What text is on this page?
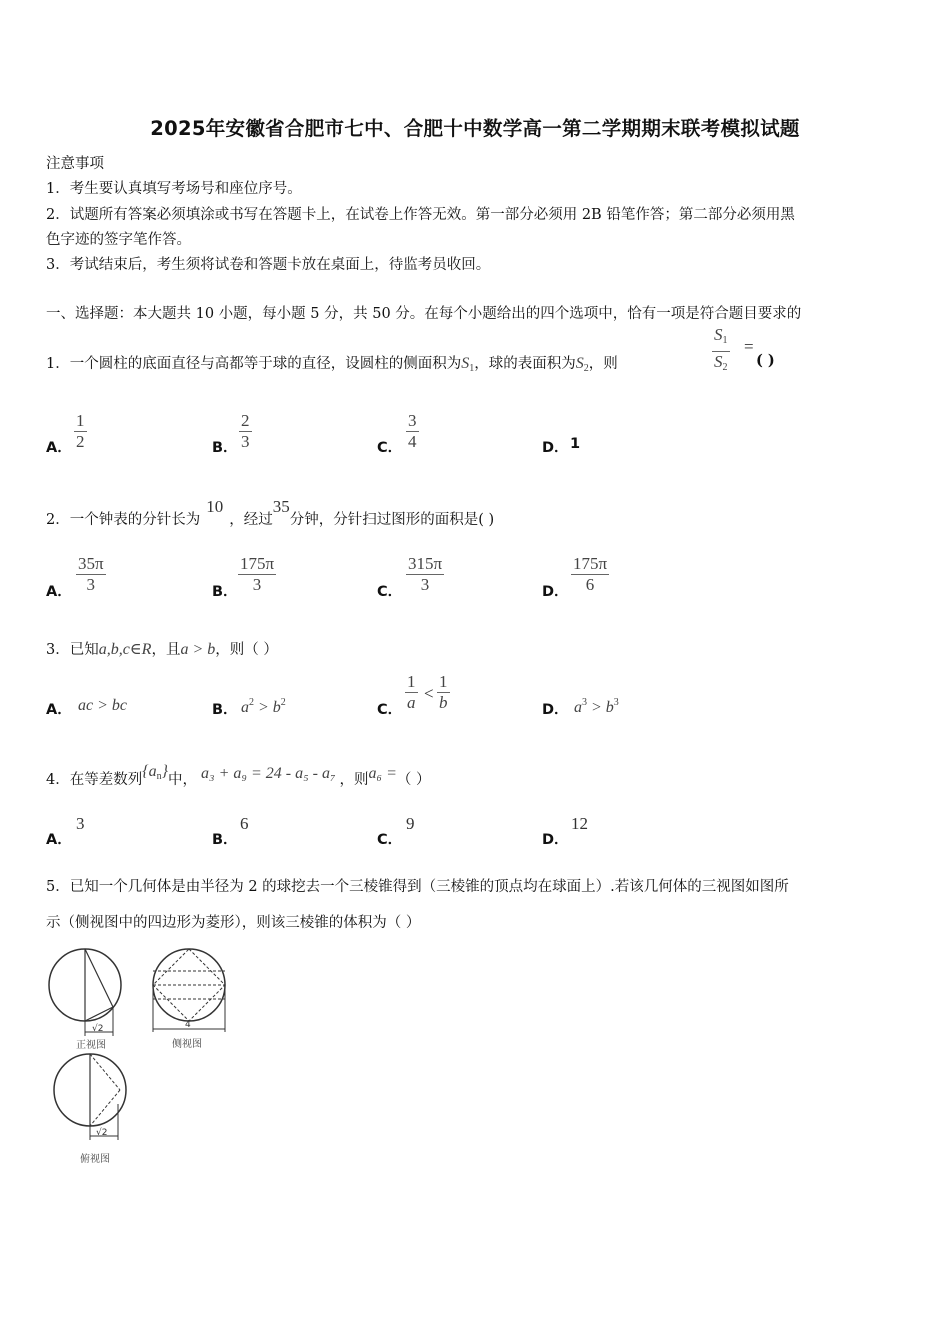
2025年安徽省合肥市七中、合肥十中数学高一第二学期期末联考模拟试题
注意事项
1．考生要认真填写考场号和座位序号。
2．试题所有答案必须填涂或书写在答题卡上，在试卷上作答无效。第一部分必须用 2B 铅笔作答；第二部分必须用黑
色字迹的签字笔作答。
3．考试结束后，考生须将试卷和答题卡放在桌面上，待监考员收回。
一、选择题：本大题共 10 小题，每小题 5 分，共 50 分。在每个小题给出的四个选项中，恰有一项是符合题目要求的
1．一个圆柱的底面直径与高都等于球的直径，设圆柱的侧面积为$S_1$，球的表面积为$S_2$，则	$\frac{S_1}{S_2}$ =
( )
A． $\frac{1}{2}$	B． $\frac{2}{3}$	C． $\frac{3}{4}$	D． 1
2．一个钟表的分针长为10，经过35分钟，分针扫过图形的面积是( )
A． $\frac{35\pi}{3}$	B． $\frac{175\pi}{3}$	C． $\frac{315\pi}{3}$	D． $\frac{175\pi}{6}$
3．已知a,b,c∈R，且a > b，则（ ）
A． ac > bc	B． $a^2 > b^2$	C． $\frac{1}{a} < \frac{1}{b}$	D． $a^3 > b^3$
4．在等差数列$\{a_n\}$中， a₃ + a₉ = 24 - a₅ - a₇ ，则a₆ =（ ）
A．
3
B．
6
C．
9
D．
12
5．已知一个几何体是由半径为 2 的球挖去一个三棱锥得到（三棱锥的顶点均在球面上）.若该几何体的三视图如图所
示（侧视图中的四边形为菱形），则该三棱锥的体积为（ ）
√2
正视图
4
侧视图
√2
俯视图
